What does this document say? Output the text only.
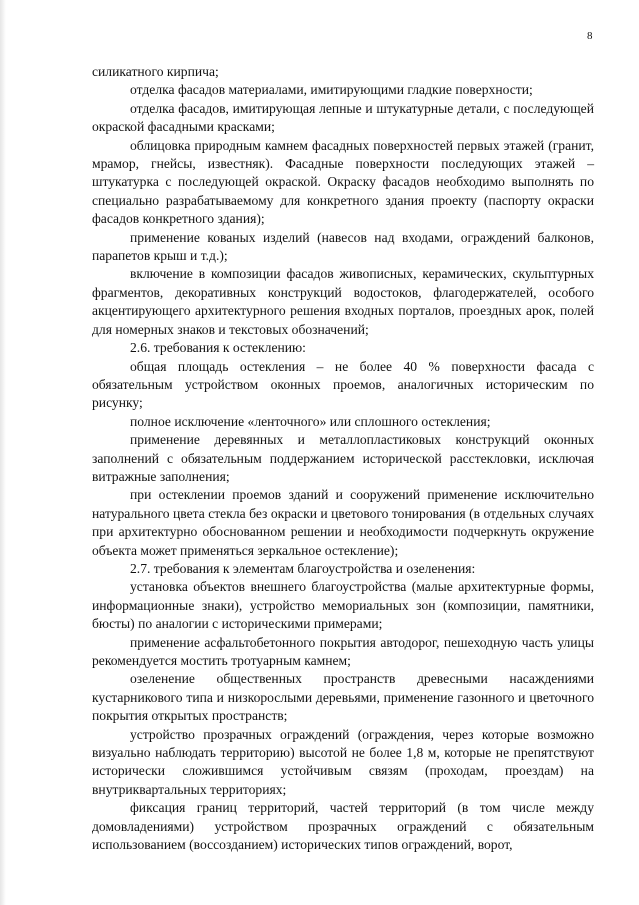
8

силикатного кирпича;

отделка фасадов материалами, имитирующими гладкие поверхности;

отделка фасадов, имитирующая лепные и штукатурные детали, с последующей окраской фасадными красками;

облицовка природным камнем фасадных поверхностей первых этажей (гранит, мрамор, гнейсы, известняк). Фасадные поверхности последующих этажей – штукатурка с последующей окраской. Окраску фасадов необходимо выполнять по специально разрабатываемому для конкретного здания проекту (паспорту окраски фасадов конкретного здания);

применение кованых изделий (навесов над входами, ограждений балконов, парапетов крыш и т.д.);

включение в композиции фасадов живописных, керамических, скульптурных фрагментов, декоративных конструкций водостоков, флагодержателей, особого акцентирующего архитектурного решения входных порталов, проездных арок, полей для номерных знаков и текстовых обозначений;

2.6. требования к остеклению:

общая площадь остекления – не более 40 % поверхности фасада с обязательным устройством оконных проемов, аналогичных историческим по рисунку;

полное исключение «ленточного» или сплошного остекления;

применение деревянных и металлопластиковых конструкций оконных заполнений с обязательным поддержанием исторической расстекловки, исключая витражные заполнения;

при остеклении проемов зданий и сооружений применение исключительно натурального цвета стекла без окраски и цветового тонирования (в отдельных случаях при архитектурно обоснованном решении и необходимости подчеркнуть окружение объекта может применяться зеркальное остекление);

2.7. требования к элементам благоустройства и озеленения:

установка объектов внешнего благоустройства (малые архитектурные формы, информационные знаки), устройство мемориальных зон (композиции, памятники, бюсты) по аналогии с историческими примерами;

применение асфальтобетонного покрытия автодорог, пешеходную часть улицы рекомендуется мостить тротуарным камнем;

озеленение общественных пространств древесными насаждениями кустарникового типа и низкорослыми деревьями, применение газонного и цветочного покрытия открытых пространств;

устройство прозрачных ограждений (ограждения, через которые возможно визуально наблюдать территорию) высотой не более 1,8 м, которые не препятствуют исторически сложившимся устойчивым связям (проходам, проездам) на внутриквартальных территориях;

фиксация границ территорий, частей территорий (в том числе между домовладениями) устройством прозрачных ограждений с обязательным использованием (воссозданием) исторических типов ограждений, ворот,
